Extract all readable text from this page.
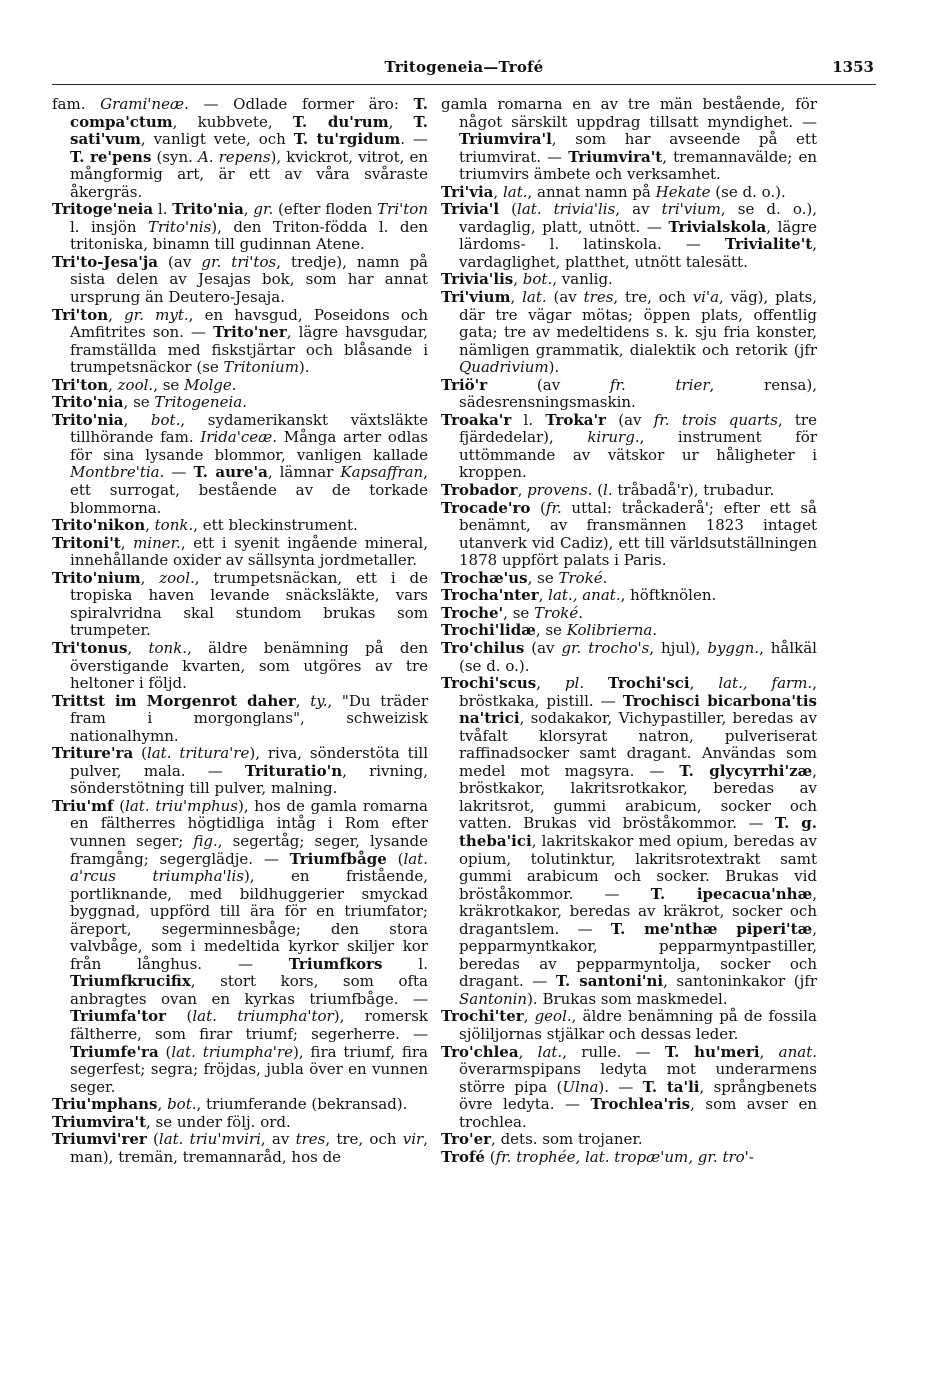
Tritogeneia—Trofé	1353

fam. Grami'neæ. — Odlade former äro: T. compa'ctum, kubbvete, T. du'rum, T. sati'vum, vanligt vete, och T. tu'rgidum. — T. re'pens (syn. A. repens), kvickrot, vitrot, en mångformig art, är ett av våra svåraste åkergräs.

Tritoge'neia l. Trito'nia, gr. (efter floden Tri'ton l. insjön Trito'nis), den Triton-födda l. den tritoniska, binamn till gudinnan Atene.

Tri'to-Jesa'ja (av gr. tri'tos, tredje), namn på sista delen av Jesajas bok, som har annat ursprung än Deutero-Jesaja.

Tri'ton, gr. myt., en havsgud, Poseidons och Amfitrites son. — Trito'ner, lägre havsgudar, framställda med fiskstjärtar och blåsande i trumpetsnäckor (se Tritonium).

Tri'ton, zool., se Molge.

Trito'nia, se Tritogeneia.

Trito'nia, bot., sydamerikanskt växtsläkte tillhörande fam. Irida'ceæ. Många arter odlas för sina lysande blommor, vanligen kallade Montbre'tia. — T. aure'a, lämnar Kapsaffran, ett surrogat, bestående av de torkade blommorna.

Trito'nikon, tonk., ett bleckinstrument.

Tritoni't, miner., ett i syenit ingående mineral, innehållande oxider av sällsynta jordmetaller.

Trito'nium, zool., trumpetsnäckan, ett i de tropiska haven levande snäcksläkte, vars spiralvridna skal stundom brukas som trumpeter.

Tri'tonus, tonk., äldre benämning på den överstigande kvarten, som utgöres av tre heltoner i följd.

Trittst im Morgenrot daher, ty., "Du träder fram i morgonglans", schweizisk nationalhymn.

Triture'ra (lat. tritura're), riva, sönderstöta till pulver, mala. — Trituratio'n, rivning, sönderstötning till pulver, malning.

Triu'mf (lat. triu'mphus), hos de gamla romarna en fältherres högtidliga intåg i Rom efter vunnen seger; fig., segertåg; seger, lysande framgång; segerglädje. — Triumfbåge (lat. a'rcus triumpha'lis), en fristående, portliknande, med bildhuggerier smyckad byggnad, uppförd till ära för en triumfator; äreport, segerminnesbåge; den stora valvbåge, som i medeltida kyrkor skiljer kor från långhus. — Triumfkors l. Triumfkrucifix, stort kors, som ofta anbragtes ovan en kyrkas triumfbåge. — Triumfa'tor (lat. triumpha'tor), romersk fältherre, som firar triumf; segerherre. — Triumfe'ra (lat. triumpha're), fira triumf, fira segerfest; segra; fröjdas, jubla över en vunnen seger.

Triu'mphans, bot., triumferande (bekransad).

Triumvira't, se under följ. ord.

Triumvi'rer (lat. triu'mviri, av tres, tre, och vir, man), tremän, tremannaråd, hos de

gamla romarna en av tre män bestående, för något särskilt uppdrag tillsatt myndighet. — Triumvira'l, som har avseende på ett triumvirat. — Triumvira't, tremannavälde; en triumvirs ämbete och verksamhet.

Tri'via, lat., annat namn på Hekate (se d. o.).

Trivia'l (lat. trivia'lis, av tri'vium, se d. o.), vardaglig, platt, utnött. — Trivialskola, lägre lärdoms- l. latinskola. — Trivialite't, vardaglighet, platthet, utnött talesätt.

Trivia'lis, bot., vanlig.

Tri'vium, lat. (av tres, tre, och vi'a, väg), plats, där tre vägar mötas; öppen plats, offentlig gata; tre av medeltidens s. k. sju fria konster, nämligen grammatik, dialektik och retorik (jfr Quadrivium).

Triö'r (av fr. trier, rensa), sädesrensningsmaskin.

Troaka'r l. Troka'r (av fr. trois quarts, tre fjärdedelar), kirurg., instrument för uttömmande av vätskor ur håligheter i kroppen.

Trobador, provens. (l. tråbadå'r), trubadur.

Trocade'ro (fr. uttal: tråckaderå'; efter ett så benämnt, av fransmännen 1823 intaget utanverk vid Cadiz), ett till världsutställningen 1878 uppfört palats i Paris.

Trochæ'us, se Troké.

Trocha'nter, lat., anat., höftknölen.

Troche', se Troké.

Trochi'lidæ, se Kolibrierna.

Tro'chilus (av gr. trocho's, hjul), byggn., hålkäl (se d. o.).

Trochi'scus, pl. Trochi'sci, lat., farm., bröstkaka, pistill. — Trochisci bicarbona'tis na'trici, sodakakor, Vichypastiller, beredas av tvåfalt klorsyrat natron, pulveriserat raffinadsocker samt dragant. Användas som medel mot magsyra. — T. glycyrrhi'zæ, bröstkakor, lakritsrotkakor, beredas av lakritsrot, gummi arabicum, socker och vatten. Brukas vid bröståkommor. — T. g. theba'ici, lakritskakor med opium, beredas av opium, tolutinktur, lakritsrotextrakt samt gummi arabicum och socker. Brukas vid bröståkommor. — T. ipecacua'nhæ, kräkrotkakor, beredas av kräkrot, socker och dragantslem. — T. me'nthæ piperi'tæ, pepparmyntkakor, pepparmyntpastiller, beredas av pepparmyntolja, socker och dragant. — T. santoni'ni, santoninkakor (jfr Santonin). Brukas som maskmedel.

Trochi'ter, geol., äldre benämning på de fossila sjöliljornas stjälkar och dessas leder.

Tro'chlea, lat., rulle. — T. hu'meri, anat. överarmspipans ledyta mot underarmens större pipa (Ulna). — T. ta'li, språngbenets övre ledyta. — Trochlea'ris, som avser en trochlea.

Tro'er, dets. som trojaner.

Trofé (fr. trophée, lat. tropæ'um, gr. tro'-
